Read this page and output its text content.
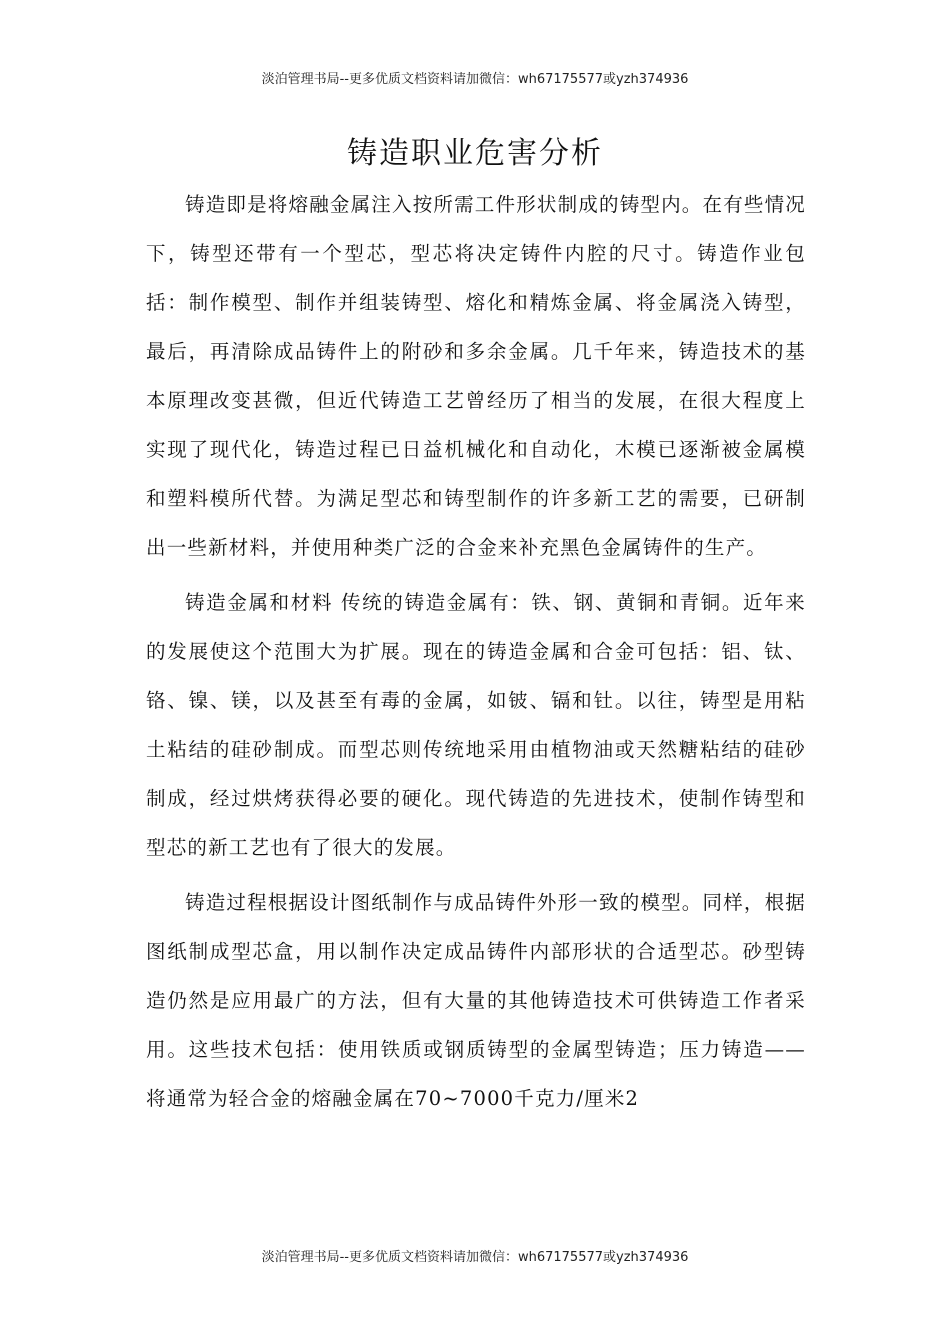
淡泊管理书局--更多优质文档资料请加微信：wh67175577或yzh374936
铸造职业危害分析

铸造即是将熔融金属注入按所需工件形状制成的铸型内。在有些情况下，铸型还带有一个型芯，型芯将决定铸件内腔的尺寸。铸造作业包括：制作模型、制作并组装铸型、熔化和精炼金属、将金属浇入铸型，最后，再清除成品铸件上的附砂和多余金属。几千年来，铸造技术的基本原理改变甚微，但近代铸造工艺曾经历了相当的发展，在很大程度上实现了现代化，铸造过程已日益机械化和自动化，木模已逐渐被金属模和塑料模所代替。为满足型芯和铸型制作的许多新工艺的需要，已研制出一些新材料，并使用种类广泛的合金来补充黑色金属铸件的生产。

铸造金属和材料 传统的铸造金属有：铁、钢、黄铜和青铜。近年来的发展使这个范围大为扩展。现在的铸造金属和合金可包括：铝、钛、铬、镍、镁，以及甚至有毒的金属，如铍、镉和钍。以往，铸型是用粘土粘结的硅砂制成。而型芯则传统地采用由植物油或天然糖粘结的硅砂制成，经过烘烤获得必要的硬化。现代铸造的先进技术，使制作铸型和型芯的新工艺也有了很大的发展。

铸造过程根据设计图纸制作与成品铸件外形一致的模型。同样，根据图纸制成型芯盒，用以制作决定成品铸件内部形状的合适型芯。砂型铸造仍然是应用最广的方法，但有大量的其他铸造技术可供铸造工作者采用。这些技术包括：使用铁质或钢质铸型的金属型铸造；压力铸造——将通常为轻合金的熔融金属在70~7000千克力/厘米2

淡泊管理书局--更多优质文档资料请加微信：wh67175577或yzh374936
